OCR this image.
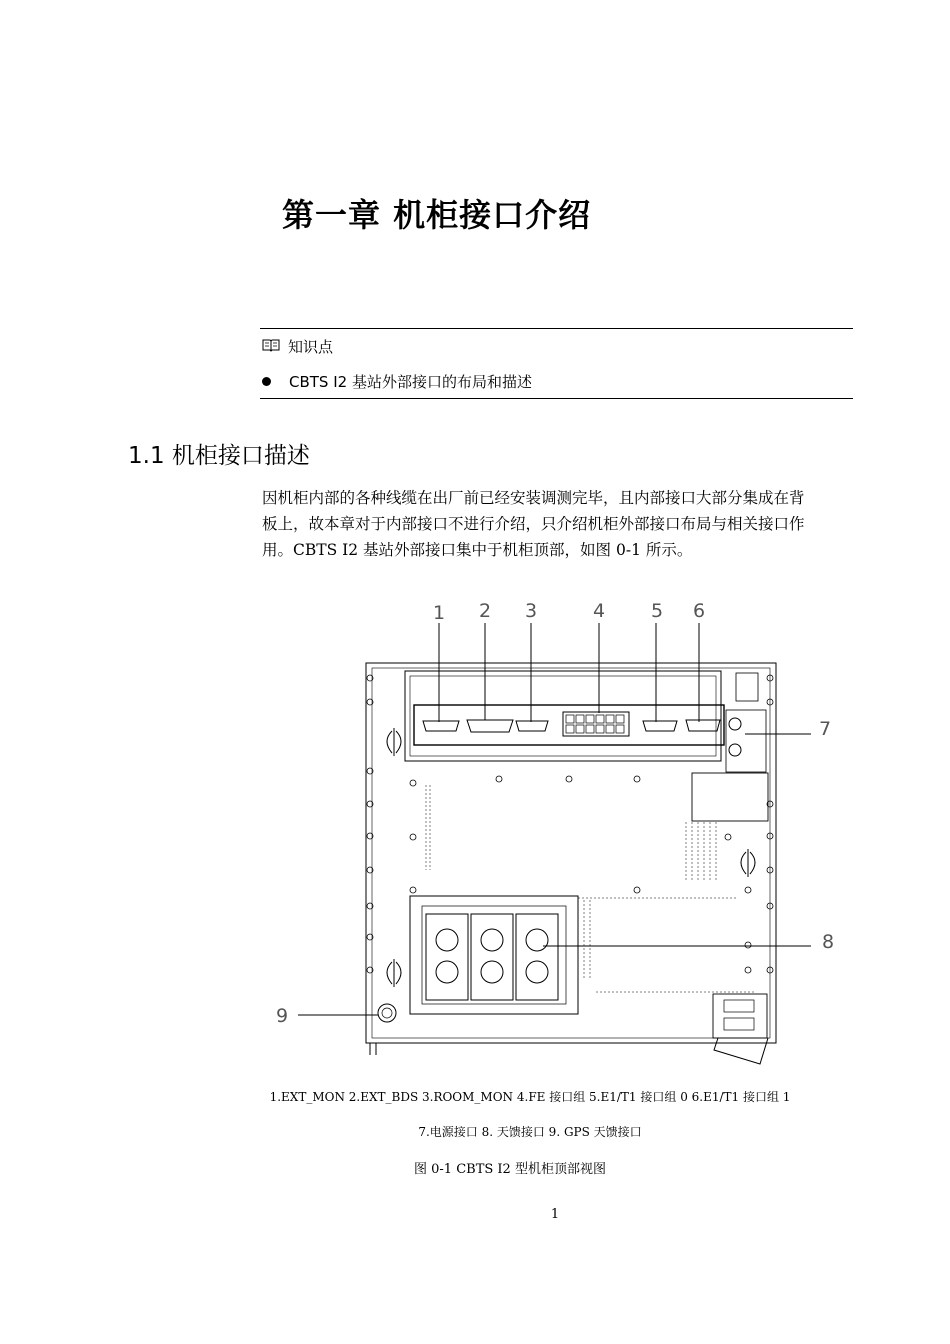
第一章 机柜接口介绍
知识点
CBTS I2 基站外部接口的布局和描述
1.1 机柜接口描述
因机柜内部的各种线缆在出厂前已经安装调测完毕，且内部接口大部分集成在背
板上，故本章对于内部接口不进行介绍，只介绍机柜外部接口布局与相关接口作
用。CBTS I2 基站外部接口集中于机柜顶部，如图 0-1 所示。
1 2 3	4 5 6
7
8
9
1.EXT_MON 2.EXT_BDS 3.ROOM_MON 4.FE 接口组 5.E1/T1 接口组 0 6.E1/T1 接口组 1
7.电源接口 8. 天馈接口 9. GPS 天馈接口
图 0-1 CBTS I2 型机柜顶部视图
1
